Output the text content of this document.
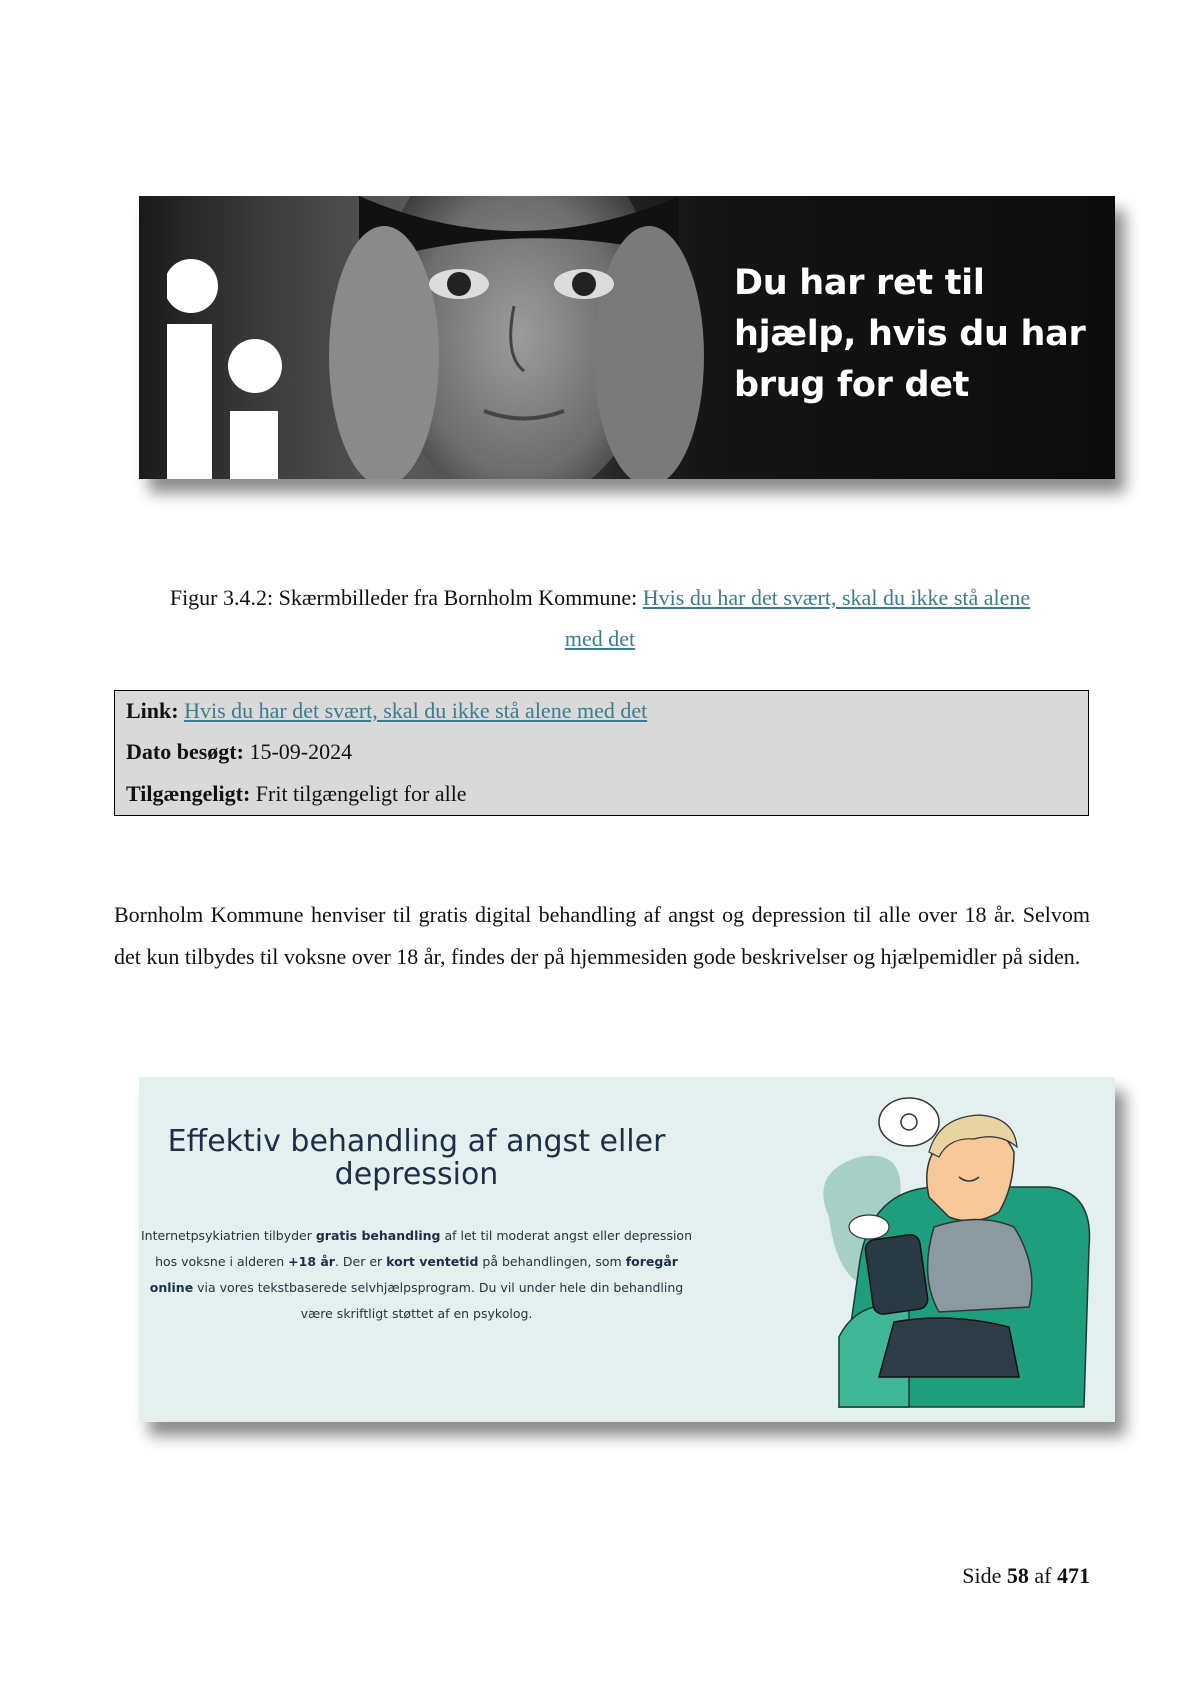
Du har ret til
hjælp, hvis du har
brug for det
Figur 3.4.2: Skærmbilleder fra Bornholm Kommune: Hvis du har det svært, skal du ikke stå alene
med det
Link: Hvis du har det svært, skal du ikke stå alene med det
Dato besøgt: 15-09-2024
Tilgængeligt: Frit tilgængeligt for alle
Bornholm Kommune henviser til gratis digital behandling af angst og depression til alle over 18 år. Selvom det kun tilbydes til voksne over 18 år, findes der på hjemmesiden gode beskrivelser og hjælpemidler på siden.
Effektiv behandling af angst eller
depression
Internetpsykiatrien tilbyder gratis behandling af let til moderat angst eller depression hos voksne i alderen +18 år. Der er kort ventetid på behandlingen, som foregår online via vores tekstbaserede selvhjælpsprogram. Du vil under hele din behandling være skriftligt støttet af en psykolog.
Side 58 af 471
